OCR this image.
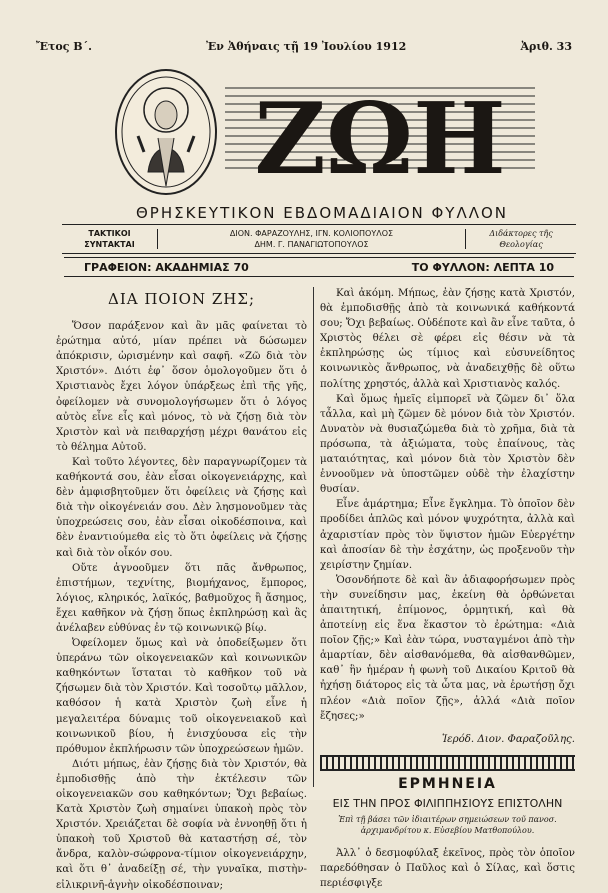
Ἔτος Β΄.	Ἐν Ἀθήναις τῇ 19 Ἰουλίου 1912	Ἀριθ. 33
ΖΩΗ
ΘΡΗΣΚΕΥΤΙΚΟΝ ΕΒΔΟΜΑΔΙΑΙΟΝ ΦΥΛΛΟΝ
ΤΑΚΤΙΚΟΙ
ΣΥΝΤΑΚΤΑΙ
ΔΙΟΝ. ΦΑΡΑΖΟΥΛΗΣ, ΙΓΝ. ΚΟΛΙΟΠΟΥΛΟΣ
ΔΗΜ. Γ. ΠΑΝΑΓΙΩΤΟΠΟΥΛΟΣ
Διδάκτορες τῆς
Θεολογίας
ΓΡΑΦΕΙΟΝ: ΑΚΑΔΗΜΙΑΣ 70	ΤΟ ΦΥΛΛΟΝ: ΛΕΠΤΑ 10
ΔΙΑ ΠΟΙΟΝ ΖΗΣ;

Ὅσον παράξενον καὶ ἂν μᾶς φαίνεται τὸ ἐρώτημα αὐτό, μίαν πρέπει νὰ δώσωμεν ἀπόκρισιν, ὡρισμένην καὶ σαφῆ. «Ζῶ διὰ τὸν Χριστόν». Διότι ἐφ᾽ ὅσον ὁμολογοῦμεν ὅτι ὁ Χριστιανὸς ἔχει λόγον ὑπάρξεως ἐπὶ τῆς γῆς, ὀφείλομεν νὰ συνομολογήσωμεν ὅτι ὁ λόγος αὐτὸς εἶνε εἷς καὶ μόνος, τὸ νὰ ζήσῃ διὰ τὸν Χριστὸν καὶ νὰ πειθαρχήσῃ μέχρι θανάτου εἰς τὸ θέλημα Αὐτοῦ.

Καὶ τοῦτο λέγοντες, δὲν παραγνωρίζομεν τὰ καθήκοντά σου, ἐὰν εἶσαι οἰκογενειάρχης, καὶ δὲν ἀμφισβητοῦμεν ὅτι ὀφείλεις νὰ ζήσῃς καὶ διὰ τὴν οἰκογένειάν σου. Δὲν λησμονοῦμεν τὰς ὑποχρεώσεις σου, ἐὰν εἶσαι οἰκοδέσποινα, καὶ δὲν ἐναντιούμεθα εἰς τὸ ὅτι ὀφείλεις νὰ ζήσῃς καὶ διὰ τὸν οἶκόν σου.

Οὔτε ἀγνοοῦμεν ὅτι πᾶς ἄνθρωπος, ἐπιστήμων, τεχνίτης, βιομήχανος, ἔμπορος, λόγιος, κληρικός, λαϊκός, βαθμοῦχος ἢ ἄσημος, ἔχει καθῆκον νὰ ζήσῃ ὅπως ἐκπληρώσῃ καὶ ἃς ἀνέλαβεν εὐθύνας ἐν τῷ κοινωνικῷ βίῳ.

Ὀφείλομεν ὅμως καὶ νὰ ὁποδείξωμεν ὅτι ὑπεράνω τῶν οἰκογενειακῶν καὶ κοινωνικῶν καθηκόντων ἵσταται τὸ καθῆκον τοῦ νὰ ζήσωμεν διὰ τὸν Χριστόν. Καὶ τοσοῦτῳ μᾶλλον, καθόσον ἡ κατὰ Χριστὸν ζωὴ εἶνε ἡ μεγαλειτέρα δύναμις τοῦ οἰκογενειακοῦ καὶ κοινωνικοῦ βίου, ἡ ἐνισχύουσα εἰς τὴν πρόθυμον ἐκπλήρωσιν τῶν ὑποχρεώσεων ἡμῶν.

Διότι μήπως, ἐὰν ζήσῃς διὰ τὸν Χριστόν, θὰ ἐμποδισθῇς ἀπὸ τὴν ἐκτέλεσιν τῶν οἰκογενειακῶν σου καθηκόντων; Ὄχι βεβαίως. Κατὰ Χριστὸν ζωὴ σημαίνει ὑπακοὴ πρὸς τὸν Χριστόν. Χρειάζεται δὲ σοφία νὰ ἐννοηθῇ ὅτι ἡ ὑπακοὴ τοῦ Χριστοῦ θὰ καταστήσῃ σέ, τὸν ἄνδρα, καλὸν-σώφρονα-τίμιον οἰκογενειάρχην, καὶ ὅτι θ᾽ ἀναδείξῃ σέ, τὴν γυναῖκα, πιστὴν-εἰλικρινῆ-ἁγνὴν οἰκοδέσποιναν;

Καὶ ἀκόμη. Μήπως, ἐὰν ζήσῃς κατὰ Χριστόν, θὰ ἐμποδισθῇς ἀπὸ τὰ κοινωνικά καθήκοντά σου; Ὄχι βεβαίως. Οὐδέποτε καὶ ἂν εἶνε ταῦτα, ὁ Χριστὸς θέλει σὲ φέρει εἰς θέσιν νὰ τὰ ἐκπληρώσῃς ὡς τίμιος καὶ εὐσυνείδητος κοινωνικὸς ἄνθρωπος, νὰ ἀναδειχθῇς δὲ οὕτω πολίτης χρηστός, ἀλλὰ καὶ Χριστιανὸς καλός.

Καὶ ὅμως ἡμεῖς εἰμπορεῖ νὰ ζῶμεν δι᾽ ὅλα τἆλλα, καὶ μὴ ζῶμεν δὲ μόνον διὰ τὸν Χριστόν. Δυνατὸν νὰ θυσιαζώμεθα διὰ τὸ χρῆμα, διὰ τὰ πρόσωπα, τὰ ἀξιώματα, τοὺς ἐπαίνους, τὰς ματαιότητας, καὶ μόνον διὰ τὸν Χριστὸν δὲν ἐννοοῦμεν νὰ ὑποστῶμεν οὐδὲ τὴν ἐλαχίστην θυσίαν.

Εἶνε ἁμάρτημα; Εἶνε ἔγκλημα. Τὸ ὁποῖον δὲν προδίδει ἁπλῶς καὶ μόνον ψυχρότητα, ἀλλὰ καὶ ἀχαριστίαν πρὸς τὸν ὕψιστον ἡμῶν Εὐεργέτην καὶ ἀποσίαν δὲ τὴν ἐσχάτην, ὡς προξενοῦν τὴν χειρίστην ζημίαν.

Ὁσονδήποτε δὲ καὶ ἂν ἀδιαφορήσωμεν πρὸς τὴν συνείδησιν μας, ἐκείνη θὰ ὀρθώνεται ἀπαιτητική, ἐπίμονος, ὁρμητική, καὶ θὰ ἀποτείνῃ εἰς ἕνα ἕκαστον τὸ ἐρώτημα: «Διὰ ποῖον ζῇς;» Καὶ ἐὰν τώρα, νυσταγμένοι ἀπὸ τὴν ἁμαρτίαν, δὲν αἰσθανόμεθα, θὰ αἰσθανθῶμεν, καθ᾽ ἣν ἡμέραν ἡ φωνὴ τοῦ Δικαίου Κριτοῦ θὰ ἠχήσῃ διάτορος εἰς τὰ ὦτα μας, νὰ ἐρωτήσῃ ὄχι πλέον «Διὰ ποῖον ζῇς», ἀλλά «Διὰ ποῖον ἔζησες;»

Ἱερόδ. Διον. Φαραζοῦλης.

ΕΡΜΗΝΕΙΑ
ΕΙΣ ΤΗΝ ΠΡΟΣ ΦΙΛΙΠΠΗΣΙΟΥΣ ΕΠΙΣΤΟΛΗΝ
Ἐπὶ τῇ βάσει τῶν ἰδιαιτέρων σημειώσεων τοῦ πανοσ. ἀρχιμανδρίτου κ. Εὐσεβίου Ματθοπούλου.

Ἀλλ᾽ ὁ δεσμοφύλαξ ἐκεῖνος, πρὸς τὸν ὁποῖον παρεδόθησαν ὁ Παῦλος καὶ ὁ Σίλας, καὶ ὅστις περιέσφιγξε
